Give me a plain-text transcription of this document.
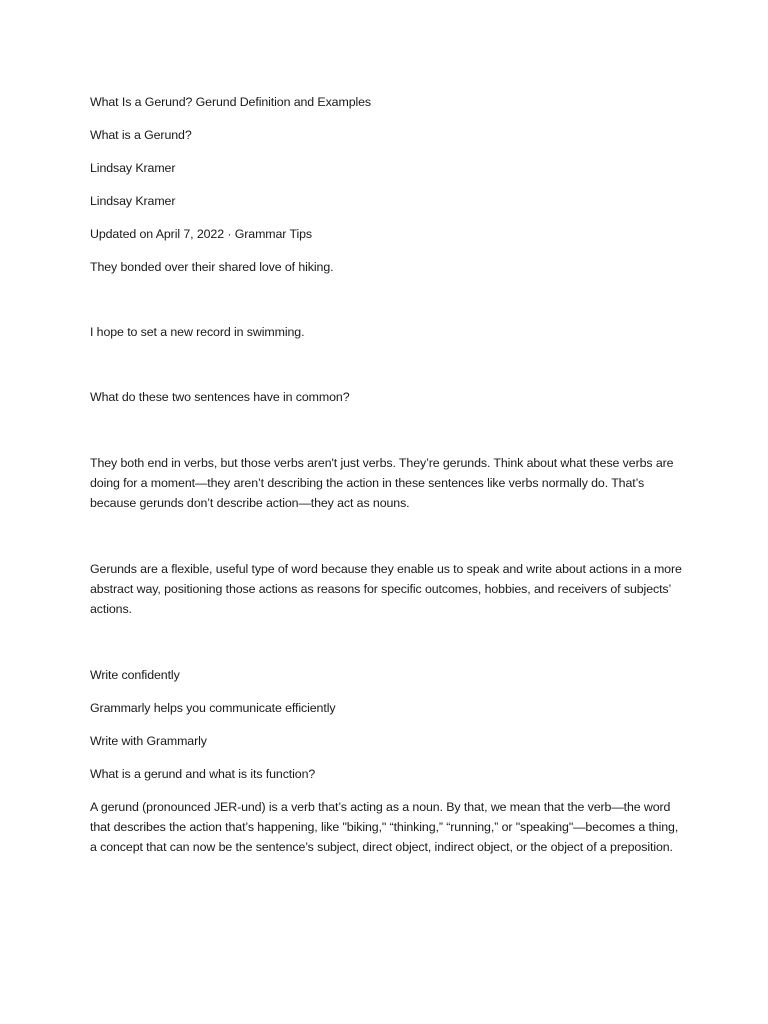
What Is a Gerund? Gerund Definition and Examples

What is a Gerund?

Lindsay Kramer

Lindsay Kramer

Updated on April 7, 2022 · Grammar Tips

They bonded over their shared love of hiking.

I hope to set a new record in swimming.

What do these two sentences have in common?

They both end in verbs, but those verbs aren't just verbs. They’re gerunds. Think about what these verbs are doing for a moment—they aren’t describing the action in these sentences like verbs normally do. That’s because gerunds don’t describe action—they act as nouns.

Gerunds are a flexible, useful type of word because they enable us to speak and write about actions in a more abstract way, positioning those actions as reasons for specific outcomes, hobbies, and receivers of subjects’ actions.

Write confidently

Grammarly helps you communicate efficiently

Write with Grammarly

What is a gerund and what is its function?

A gerund (pronounced JER-und) is a verb that’s acting as a noun. By that, we mean that the verb—the word that describes the action that’s happening, like "biking," “thinking,” “running,” or "speaking"—becomes a thing, a concept that can now be the sentence’s subject, direct object, indirect object, or the object of a preposition.
